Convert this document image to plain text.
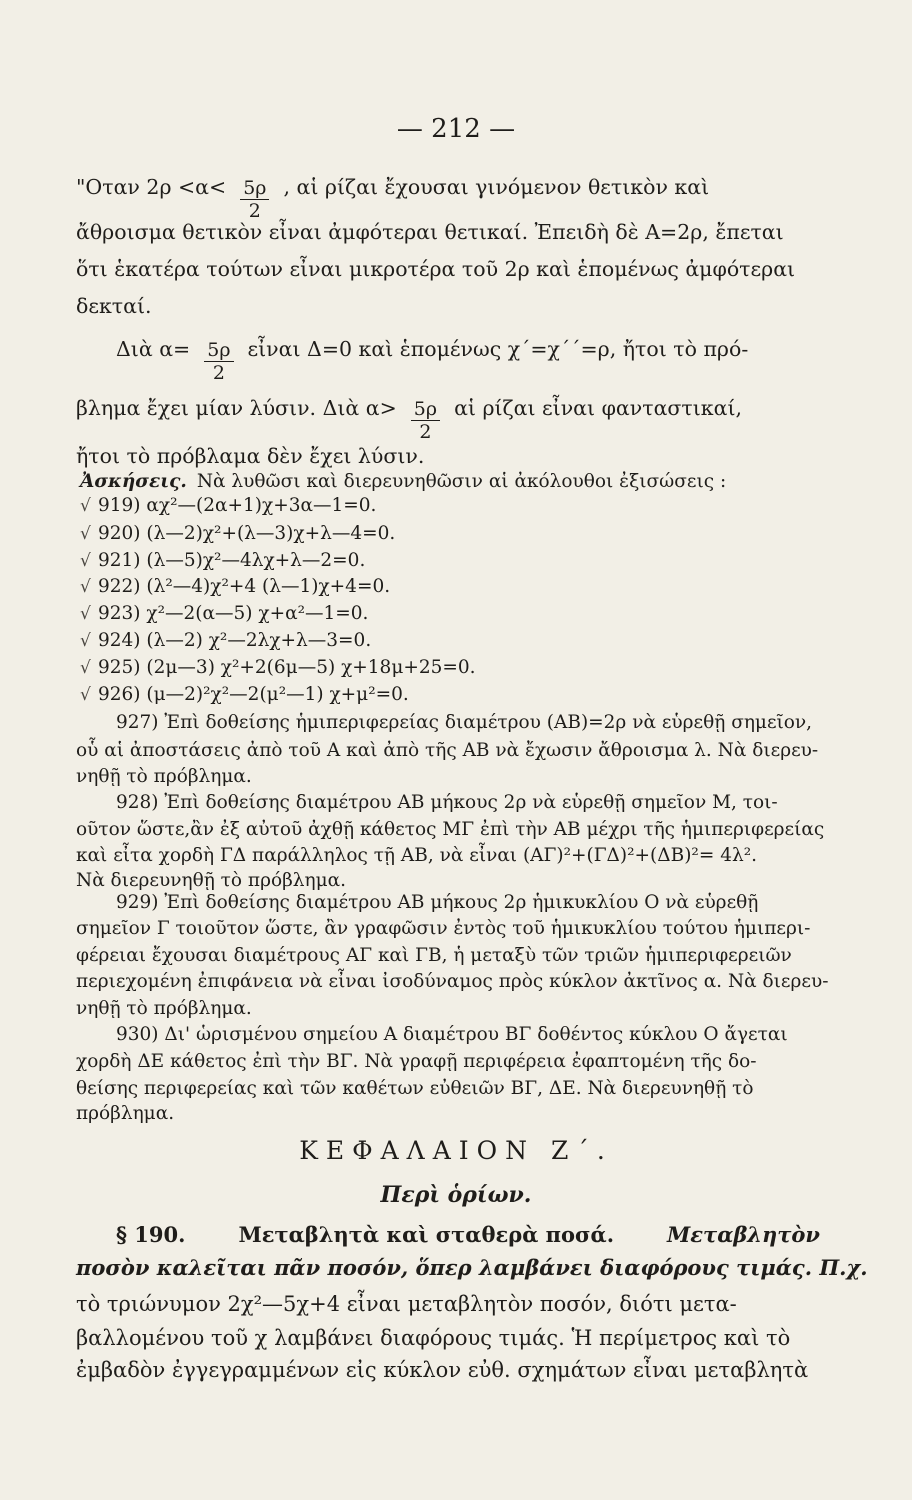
— 212 —
"Οταν $2\rho <\alpha< \frac{5\rho}{2}$ , αἱ ρίζαι ἔχουσαι γινόμενον θετικὸν καὶ
ἄθροισμα θετικὸν εἶναι ἀμφότεραι θετικαί. Ἐπειδὴ δὲ Α=2ρ, ἔπεται
ὅτι ἑκατέρα τούτων εἶναι μικροτέρα τοῦ 2ρ καὶ ἑπομένως ἀμφότεραι
δεκταί.
Διὰ $\alpha= \frac{5\rho}{2}$ εἶναι Δ=0 καὶ ἑπομένως χ΄=χ΄΄=ρ, ἤτοι τὸ πρό-
βλημα ἔχει μίαν λύσιν. Διὰ $\alpha> \frac{5\rho}{2}$ αἱ ρίζαι εἶναι φανταστικαί,
ἤτοι τὸ πρόβλαμα δὲν ἔχει λύσιν.
Ἀσκήσεις. Νὰ λυθῶσι καὶ διερευνηθῶσιν αἱ ἀκόλουθοι ἐξισώσεις :
√ 919) αχ²—(2α+1)χ+3α—1=0.
√ 920) (λ—2)χ²+(λ—3)χ+λ—4=0.
√ 921) (λ—5)χ²—4λχ+λ—2=0.
√ 922) (λ²—4)χ²+4 (λ—1)χ+4=0.
√ 923) χ²—2(α—5) χ+α²—1=0.
√ 924) (λ—2) χ²—2λχ+λ—3=0.
√ 925) (2μ—3) χ²+2(6μ—5) χ+18μ+25=0.
√ 926) (μ—2)²χ²—2(μ²—1) χ+μ²=0.
927) Ἐπὶ δοθείσης ἡμιπεριφερείας διαμέτρου (ΑΒ)=2ρ νὰ εὑρεθῇ σημεῖον,
οὗ αἱ ἀποστάσεις ἀπὸ τοῦ Α καὶ ἀπὸ τῆς ΑΒ νὰ ἔχωσιν ἄθροισμα λ. Νὰ διερευ-
νηθῇ τὸ πρόβλημα.
928) Ἐπὶ δοθείσης διαμέτρου ΑΒ μήκους 2ρ νὰ εὑρεθῇ σημεῖον Μ, τοι-
οῦτον ὥστε,ἂν ἐξ αὐτοῦ ἀχθῇ κάθετος ΜΓ ἐπὶ τὴν ΑΒ μέχρι τῆς ἡμιπεριφερείας
καὶ εἶτα χορδὴ ΓΔ παράλληλος τῇ ΑΒ, νὰ εἶναι (ΑΓ)²+(ΓΔ)²+(ΔΒ)²= 4λ².
Νὰ διερευνηθῇ τὸ πρόβλημα.
929) Ἐπὶ δοθείσης διαμέτρου ΑΒ μήκους 2ρ ἡμικυκλίου Ο νὰ εὑρεθῇ
σημεῖον Γ τοιοῦτον ὥστε, ἂν γραφῶσιν ἐντὸς τοῦ ἡμικυκλίου τούτου ἡμιπερι-
φέρειαι ἔχουσαι διαμέτρους ΑΓ καὶ ΓΒ, ἡ μεταξὺ τῶν τριῶν ἡμιπεριφερειῶν
περιεχομένη ἐπιφάνεια νὰ εἶναι ἰσοδύναμος πρὸς κύκλον ἀκτῖνος α. Νὰ διερευ-
νηθῇ τὸ πρόβλημα.
930) Δι' ὡρισμένου σημείου Α διαμέτρου ΒΓ δοθέντος κύκλου Ο ἄγεται
χορδὴ ΔΕ κάθετος ἐπὶ τὴν ΒΓ. Νὰ γραφῇ περιφέρεια ἐφαπτομένη τῆς δο-
θείσης περιφερείας καὶ τῶν καθέτων εὐθειῶν ΒΓ, ΔΕ. Νὰ διερευνηθῇ τὸ
πρόβλημα.
ΚΕΦΑΛΑΙΟΝ Ζ΄.
Περὶ ὁρίων.
§ 190.	Μεταβλητὰ καὶ σταθερὰ ποσά.	Μεταβλητὸν
ποσὸν καλεῖται πᾶν ποσόν, ὅπερ λαμβάνει διαφόρους τιμάς. Π.χ.
τὸ τριώνυμον 2χ²—5χ+4 εἶναι μεταβλητὸν ποσόν, διότι μετα-
βαλλομένου τοῦ χ λαμβάνει διαφόρους τιμάς. Ἡ περίμετρος καὶ τὸ
ἐμβαδὸν ἐγγεγραμμένων εἰς κύκλον εὐθ. σχημάτων εἶναι μεταβλητὰ
